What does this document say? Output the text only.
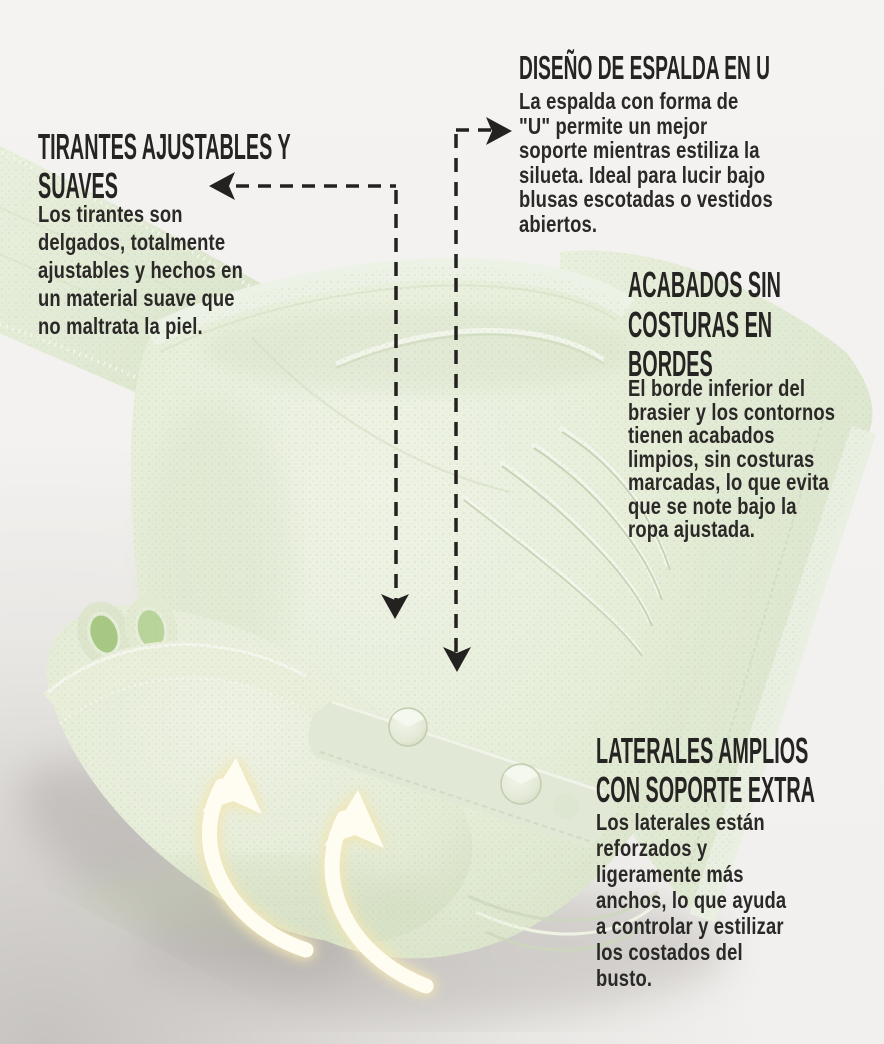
DISEÑO DE ESPALDA EN U
La espalda con forma de
"U" permite un mejor
soporte mientras estiliza la
silueta. Ideal para lucir bajo
blusas escotadas o vestidos
abiertos.
TIRANTES AJUSTABLES Y
SUAVES
Los tirantes son
delgados, totalmente
ajustables y hechos en
un material suave que
no maltrata la piel.
ACABADOS SIN
COSTURAS EN
BORDES
El borde inferior del
brasier y los contornos
tienen acabados
limpios, sin costuras
marcadas, lo que evita
que se note bajo la
ropa ajustada.
LATERALES AMPLIOS
CON SOPORTE EXTRA
Los laterales están
reforzados y
ligeramente más
anchos, lo que ayuda
a controlar y estilizar
los costados del
busto.
